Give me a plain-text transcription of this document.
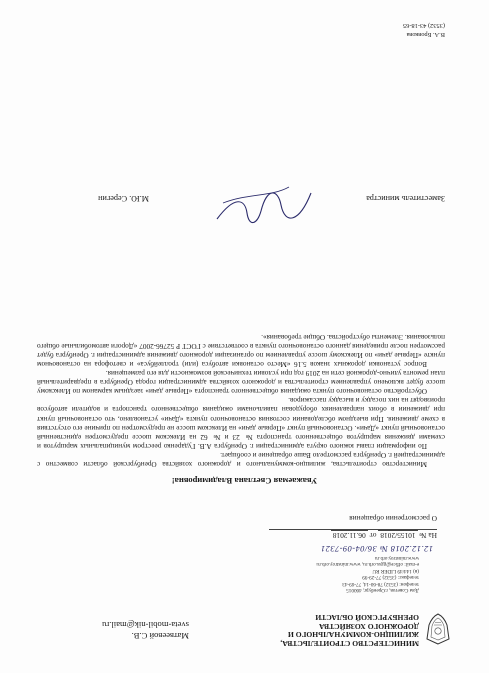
МИНИСТЕРСТВО СТРОИТЕЛЬСТВА,
ЖИЛИЩНО-КОММУНАЛЬНОГО И
ДОРОЖНОГО ХОЗЯЙСТВА
ОРЕНБУРГСКОЙ ОБЛАСТИ
Дом Советов, г.Оренбург, 460015
телефон: (3532) 78-60-14, 77-69-43
телефакс: (3532) 77-29-99
(в) 144/49 LIDER RU
e-mail: office@ggss.orb.ru, www.minstroy.orb.ru
www.minstroy.orb.ru
Матвеевой С.В.
sveta-mobil-nik@mail.ru
12.12.2018 № 36/04-09-7321
На № 10155/2018 от 06.11.2018
О рассмотрении обращения
Уважаемая Светлана Владимировна!

Министерство строительства, жилищно-коммунального и дорожного хозяйства Оренбургской области совместно с администрацией г. Оренбурга рассмотрело Ваше обращение и сообщает.

По информации главы южного округа администрации г. Оренбурга А.В. Гударенко реестром муниципальных маршрутов и схемами движения маршрутов общественного транспорта № 23 и № 62 на Илекском шоссе предусмотрен единственный остановочный пункт «Дачи». Остановочный пункт «Первые дачи» на Илекском шоссе не предусмотрен по причине его отсутствия в схеме движения. При выездном обследовании состояния остановочного пункта «Дачи» установлено, что остановочный пункт при движении в обоих направлениях оборудован павильонами ожидания общественного транспорта и водители автобусов производят на них посадку и высадку пассажиров.

Обустройство остановочного пункта ожидания общественного транспорта «Первые дачи» заездным карманом по Илекскому шоссе будет включено управлением строительства и дорожного хозяйства администрации города Оренбурга в предварительный план ремонта улично-дорожной сети на 2019 год при условии технической возможности для его размещения.

Вопрос установки дорожных знаков 5.16 «Место остановки автобуса (или) троллейбуса» и светофора на остановочном пункте «Первые дачи» по Илекскому шоссе управлением по организации дорожного движения администрации г. Оренбурга будет рассмотрен после приведения данного остановочного пункта в соответствие с ГОСТ Р 52766-2007 «Дороги автомобильные общего пользования. Элементы обустройства. Общие требования».

Заместитель министра
М.Ю. Серегин
В.А. Бровкова
(3532) 43-18-65
